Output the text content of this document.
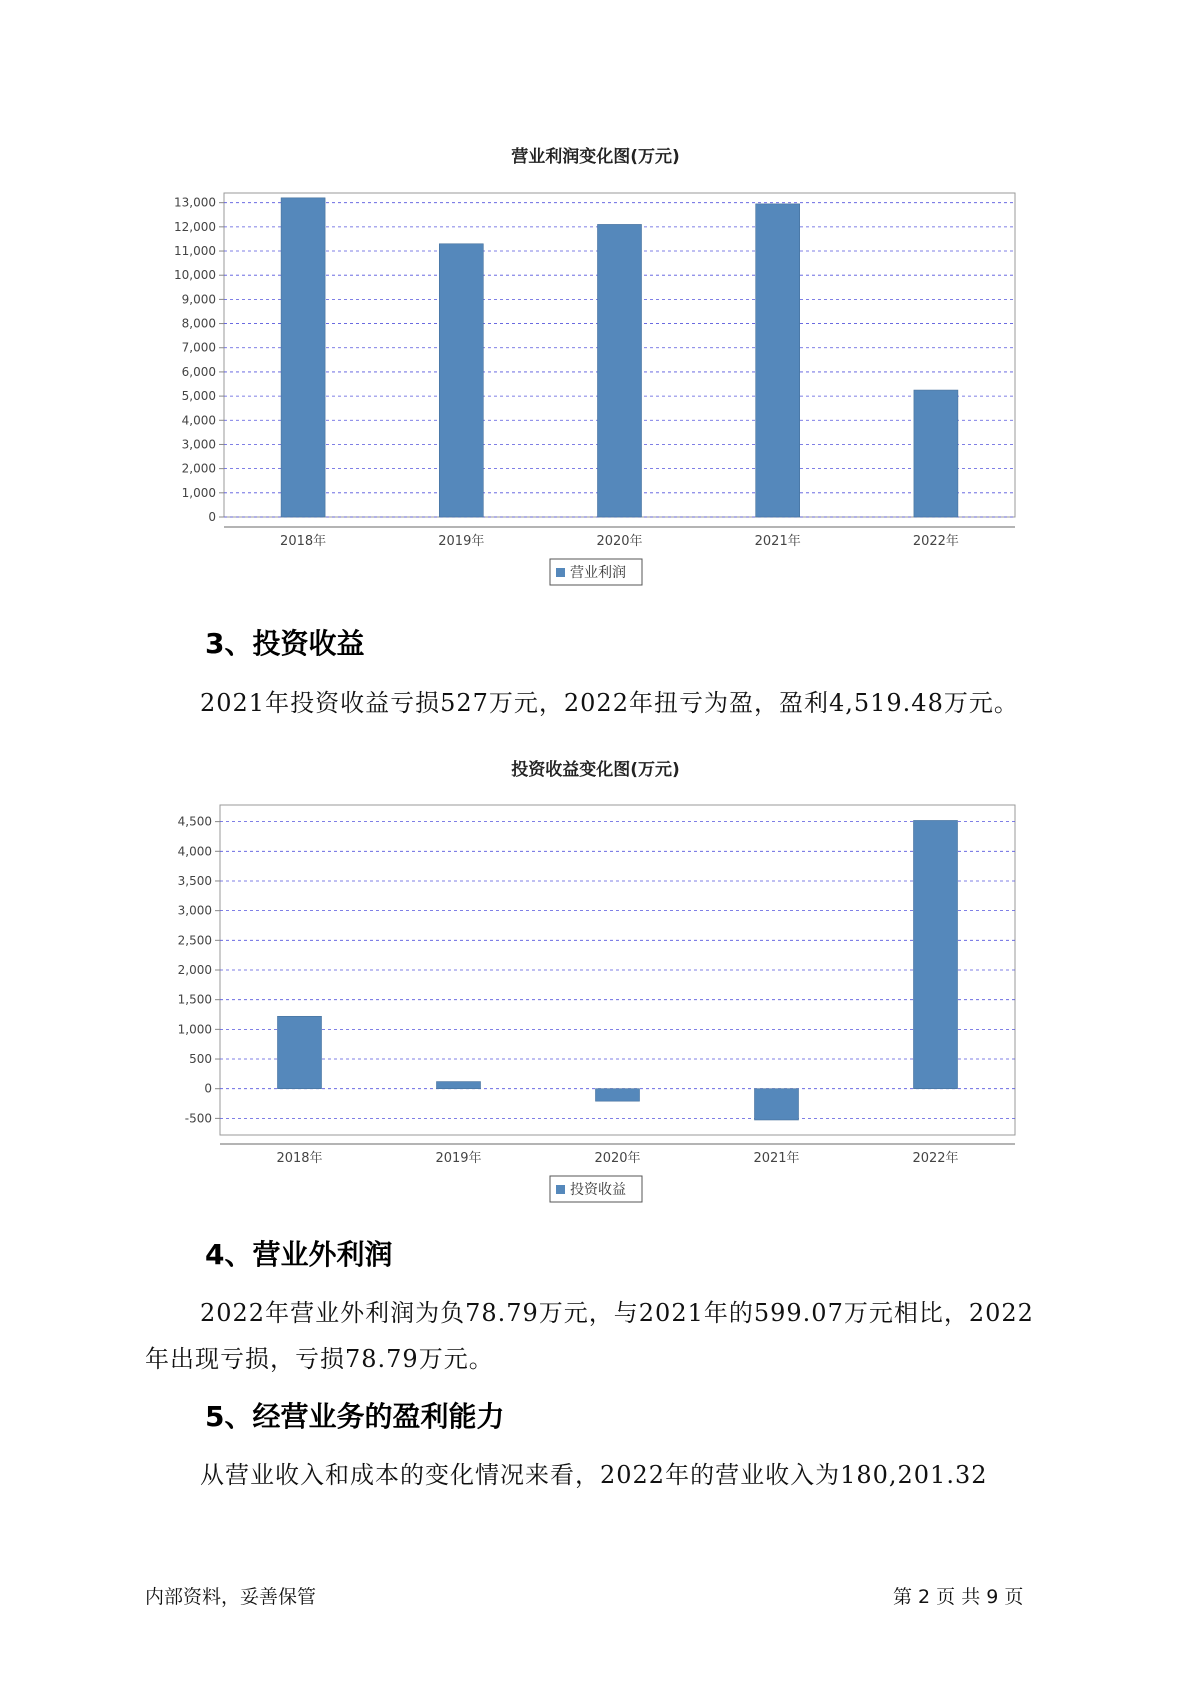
营业利润变化图(万元)
0
1,000
2,000
3,000
4,000
5,000
6,000
7,000
8,000
9,000
10,000
11,000
12,000
13,000
2018年	2019年	2020年	2021年	2022年
营业利润
3、投资收益
2021年投资收益亏损527万元，2022年扭亏为盈，盈利4,519.48万元。
投资收益变化图(万元)
-500
0
500
1,000
1,500
2,000
2,500
3,000
3,500
4,000
4,500
2018年	2019年	2020年	2021年	2022年
投资收益
4、营业外利润
2022年营业外利润为负78.79万元，与2021年的599.07万元相比，2022
年出现亏损，亏损78.79万元。
5、经营业务的盈利能力
从营业收入和成本的变化情况来看，2022年的营业收入为180,201.32
内部资料，妥善保管	第 2 页 共 9 页
